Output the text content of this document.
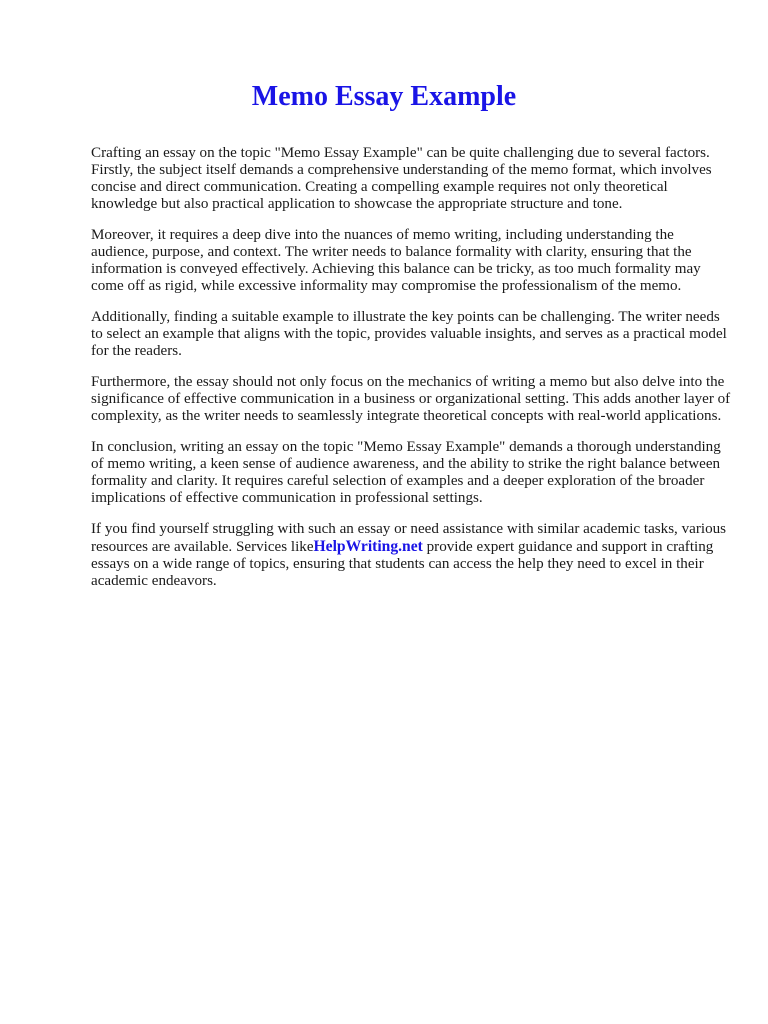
Memo Essay Example

Crafting an essay on the topic "Memo Essay Example" can be quite challenging due to several factors. Firstly, the subject itself demands a comprehensive understanding of the memo format, which involves concise and direct communication. Creating a compelling example requires not only theoretical knowledge but also practical application to showcase the appropriate structure and tone.

Moreover, it requires a deep dive into the nuances of memo writing, including understanding the audience, purpose, and context. The writer needs to balance formality with clarity, ensuring that the information is conveyed effectively. Achieving this balance can be tricky, as too much formality may come off as rigid, while excessive informality may compromise the professionalism of the memo.

Additionally, finding a suitable example to illustrate the key points can be challenging. The writer needs to select an example that aligns with the topic, provides valuable insights, and serves as a practical model for the readers.

Furthermore, the essay should not only focus on the mechanics of writing a memo but also delve into the significance of effective communication in a business or organizational setting. This adds another layer of complexity, as the writer needs to seamlessly integrate theoretical concepts with real-world applications.

In conclusion, writing an essay on the topic "Memo Essay Example" demands a thorough understanding of memo writing, a keen sense of audience awareness, and the ability to strike the right balance between formality and clarity. It requires careful selection of examples and a deeper exploration of the broader implications of effective communication in professional settings.

If you find yourself struggling with such an essay or need assistance with similar academic tasks, various resources are available. Services likeHelpWriting.net provide expert guidance and support in crafting essays on a wide range of topics, ensuring that students can access the help they need to excel in their academic endeavors.
